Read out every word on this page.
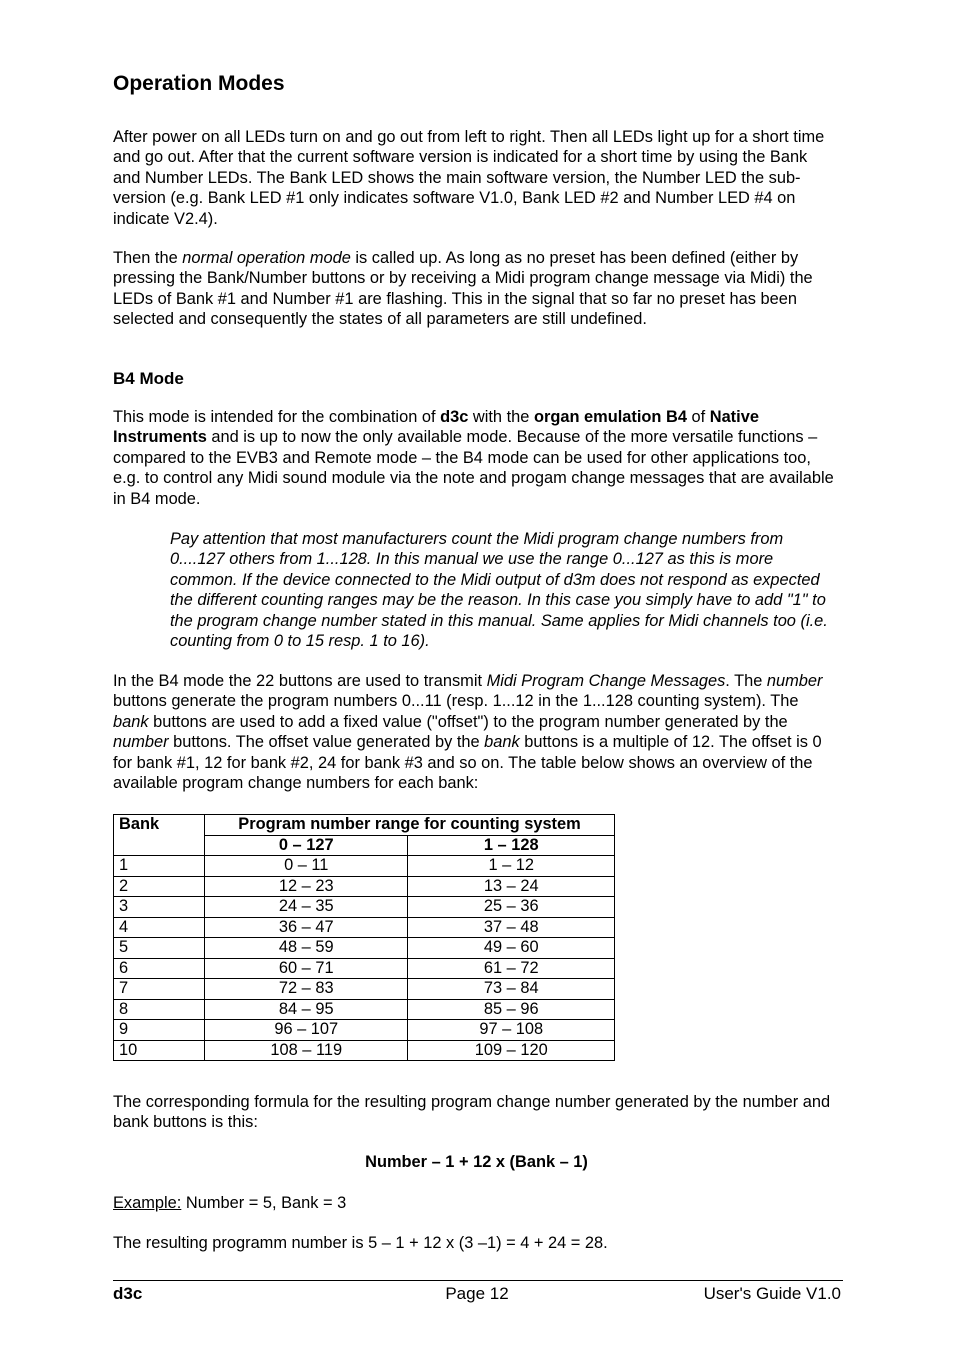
Operation Modes

After power on all LEDs turn on and go out from left to right. Then all LEDs light up for a short time and go out. After that the current software version is indicated for a short time by using the Bank and Number LEDs. The Bank LED shows the main software version, the Number LED the sub-version (e.g. Bank LED #1 only indicates software V1.0, Bank LED #2 and Number LED #4 on indicate V2.4).

Then the normal operation mode is called up. As long as no preset has been defined (either by pressing the Bank/Number buttons or by receiving a Midi program change message via Midi) the LEDs of Bank #1 and Number #1 are flashing. This in the signal that so far no preset has been selected and consequently the states of all parameters are still undefined.

B4 Mode

This mode is intended for the combination of d3c with the organ emulation B4 of Native Instruments and is up to now the only available mode. Because of the more versatile functions – compared to the EVB3 and Remote mode – the B4 mode can be used for other applications too, e.g. to control any Midi sound module via the note and progam change messages that are available in B4 mode.

Pay attention that most manufacturers count the Midi program change numbers from 0....127 others from 1...128. In this manual we use the range 0...127 as this is more common. If the device connected to the Midi output of d3m does not respond as expected the different counting ranges may be the reason. In this case you simply have to add "1" to the program change number stated in this manual. Same applies for Midi channels too (i.e. counting from 0 to 15 resp. 1 to 16).

In the B4 mode the 22 buttons are used to transmit Midi Program Change Messages. The number buttons generate the program numbers 0...11 (resp. 1...12 in the 1...128 counting system). The bank buttons are used to add a fixed value ("offset") to the program number generated by the number buttons. The offset value generated by the bank buttons is a multiple of 12. The offset is 0 for bank #1, 12 for bank #2, 24 for bank #3 and so on. The table below shows an overview of the available program change numbers for each bank:

The corresponding formula for the resulting program change number generated by the number and bank buttons is this:

Number – 1 + 12 x (Bank – 1)

Example: Number = 5, Bank = 3

The resulting programm number is 5 – 1 + 12 x (3 –1) = 4 + 24 = 28.

Bank	Program number range for counting system	
	0 – 127	1 – 128
1	0 – 11	1 – 12
2	12 – 23	13 – 24
3	24 – 35	25 – 36
4	36 – 47	37 – 48
5	48 – 59	49 – 60
6	60 – 71	61 – 72
7	72 – 83	73 – 84
8	84 – 95	85 – 96
9	96 – 107	97 – 108
10	108 – 119	109 – 120
d3c	Page 12	User's Guide V1.0
